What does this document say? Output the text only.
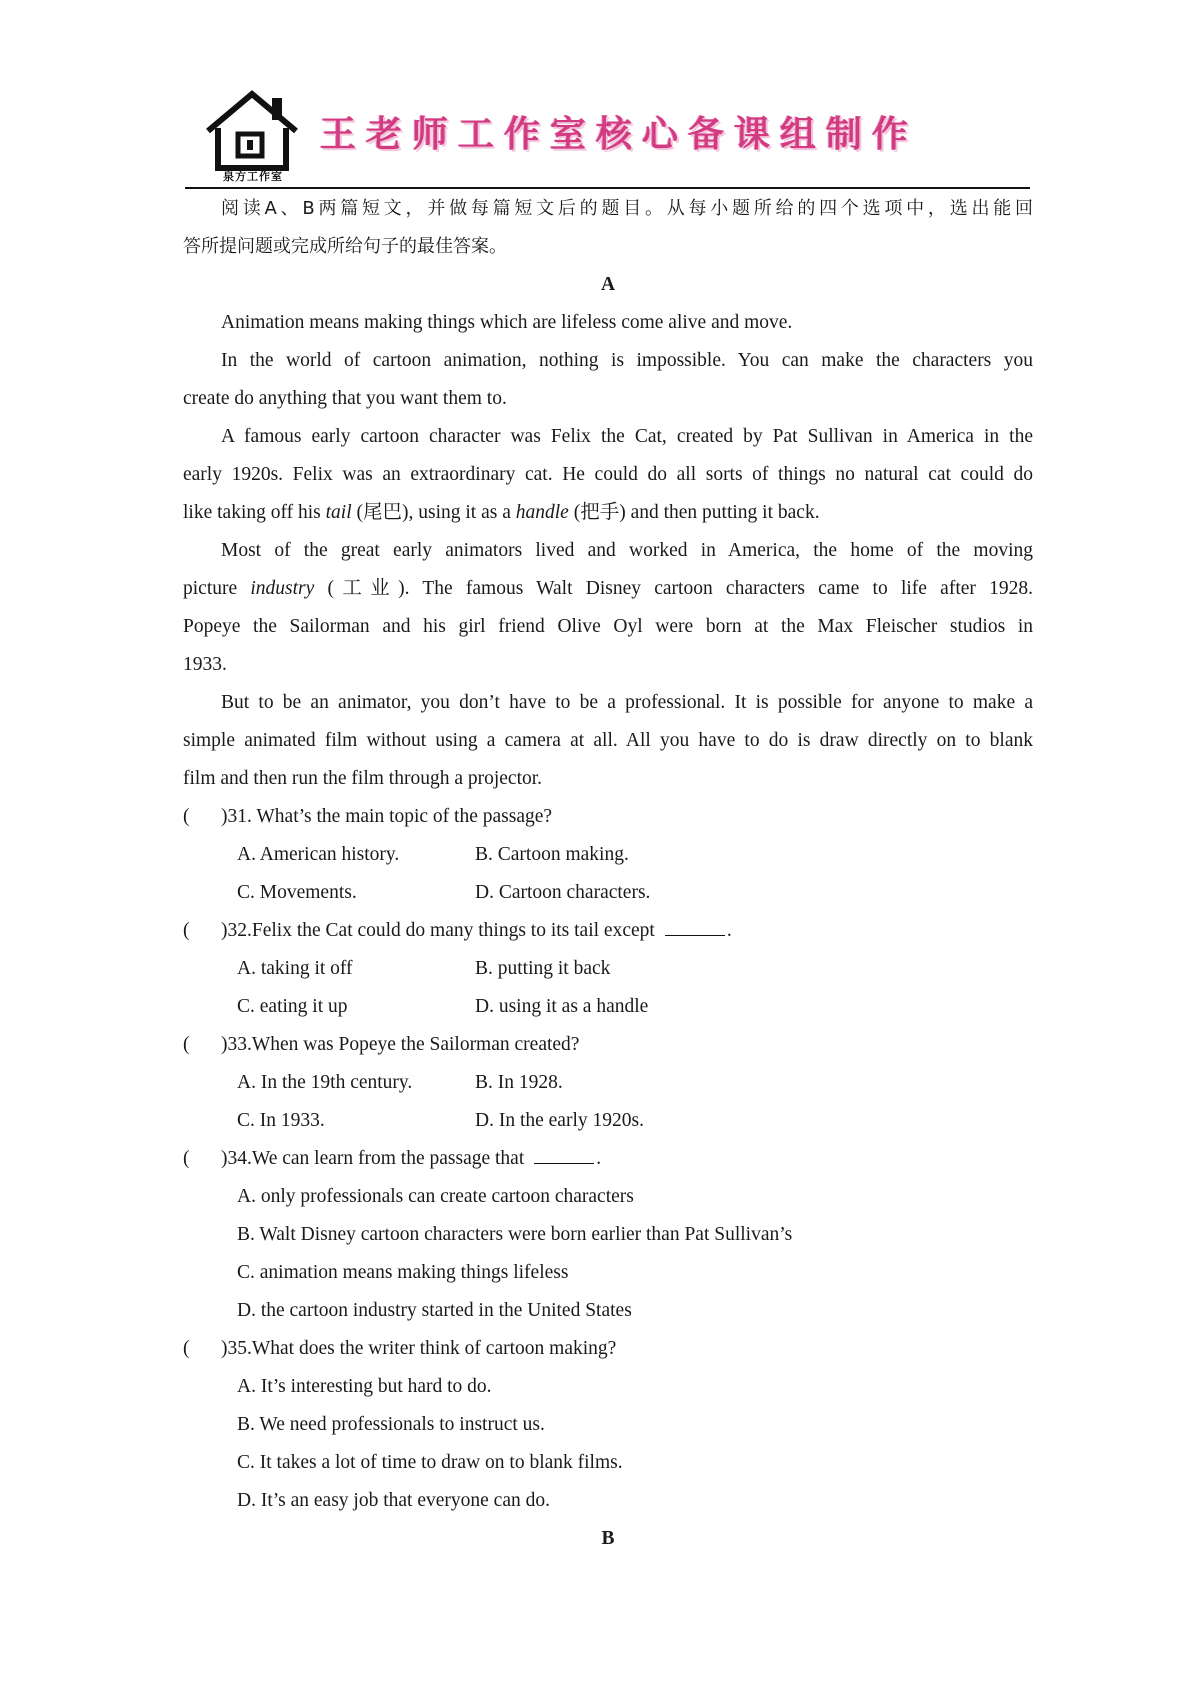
泉方工作室
王老师工作室核心备课组制作
阅读A、B两篇短文，并做每篇短文后的题目。从每小题所给的四个选项中，选出能回
答所提问题或完成所给句子的最佳答案。
A
Animation means making things which are lifeless come alive and move.
In the world of cartoon animation, nothing is impossible. You can make the characters you
create do anything that you want them to.
A famous early cartoon character was Felix the Cat, created by Pat Sullivan in America in the
early 1920s. Felix was an extraordinary cat. He could do all sorts of things no natural cat could do
like taking off his tail (尾巴), using it as a handle (把手) and then putting it back.
Most of the great early animators lived and worked in America, the home of the moving
picture industry (工业). The famous Walt Disney cartoon characters came to life after 1928.
Popeye the Sailorman and his girl friend Olive Oyl were born at the Max Fleischer studios in
1933.
But to be an animator, you don’t have to be a professional. It is possible for anyone to make a
simple animated film without using a camera at all. All you have to do is draw directly on to blank
film and then run the film through a projector.
( )31. What’s the main topic of the passage?
A. American history.	B. Cartoon making.
C. Movements.	D. Cartoon characters.
( )32.Felix the Cat could do many things to its tail except	.
A. taking it off	B. putting it back
C. eating it up	D. using it as a handle
( )33.When was Popeye the Sailorman created?
A. In the 19th century.	B. In 1928.
C. In 1933.	D. In the early 1920s.
( )34.We can learn from the passage that	.
A. only professionals can create cartoon characters
B. Walt Disney cartoon characters were born earlier than Pat Sullivan’s
C. animation means making things lifeless
D. the cartoon industry started in the United States
( )35.What does the writer think of cartoon making?
A. It’s interesting but hard to do.
B. We need professionals to instruct us.
C. It takes a lot of time to draw on to blank films.
D. It’s an easy job that everyone can do.
B
